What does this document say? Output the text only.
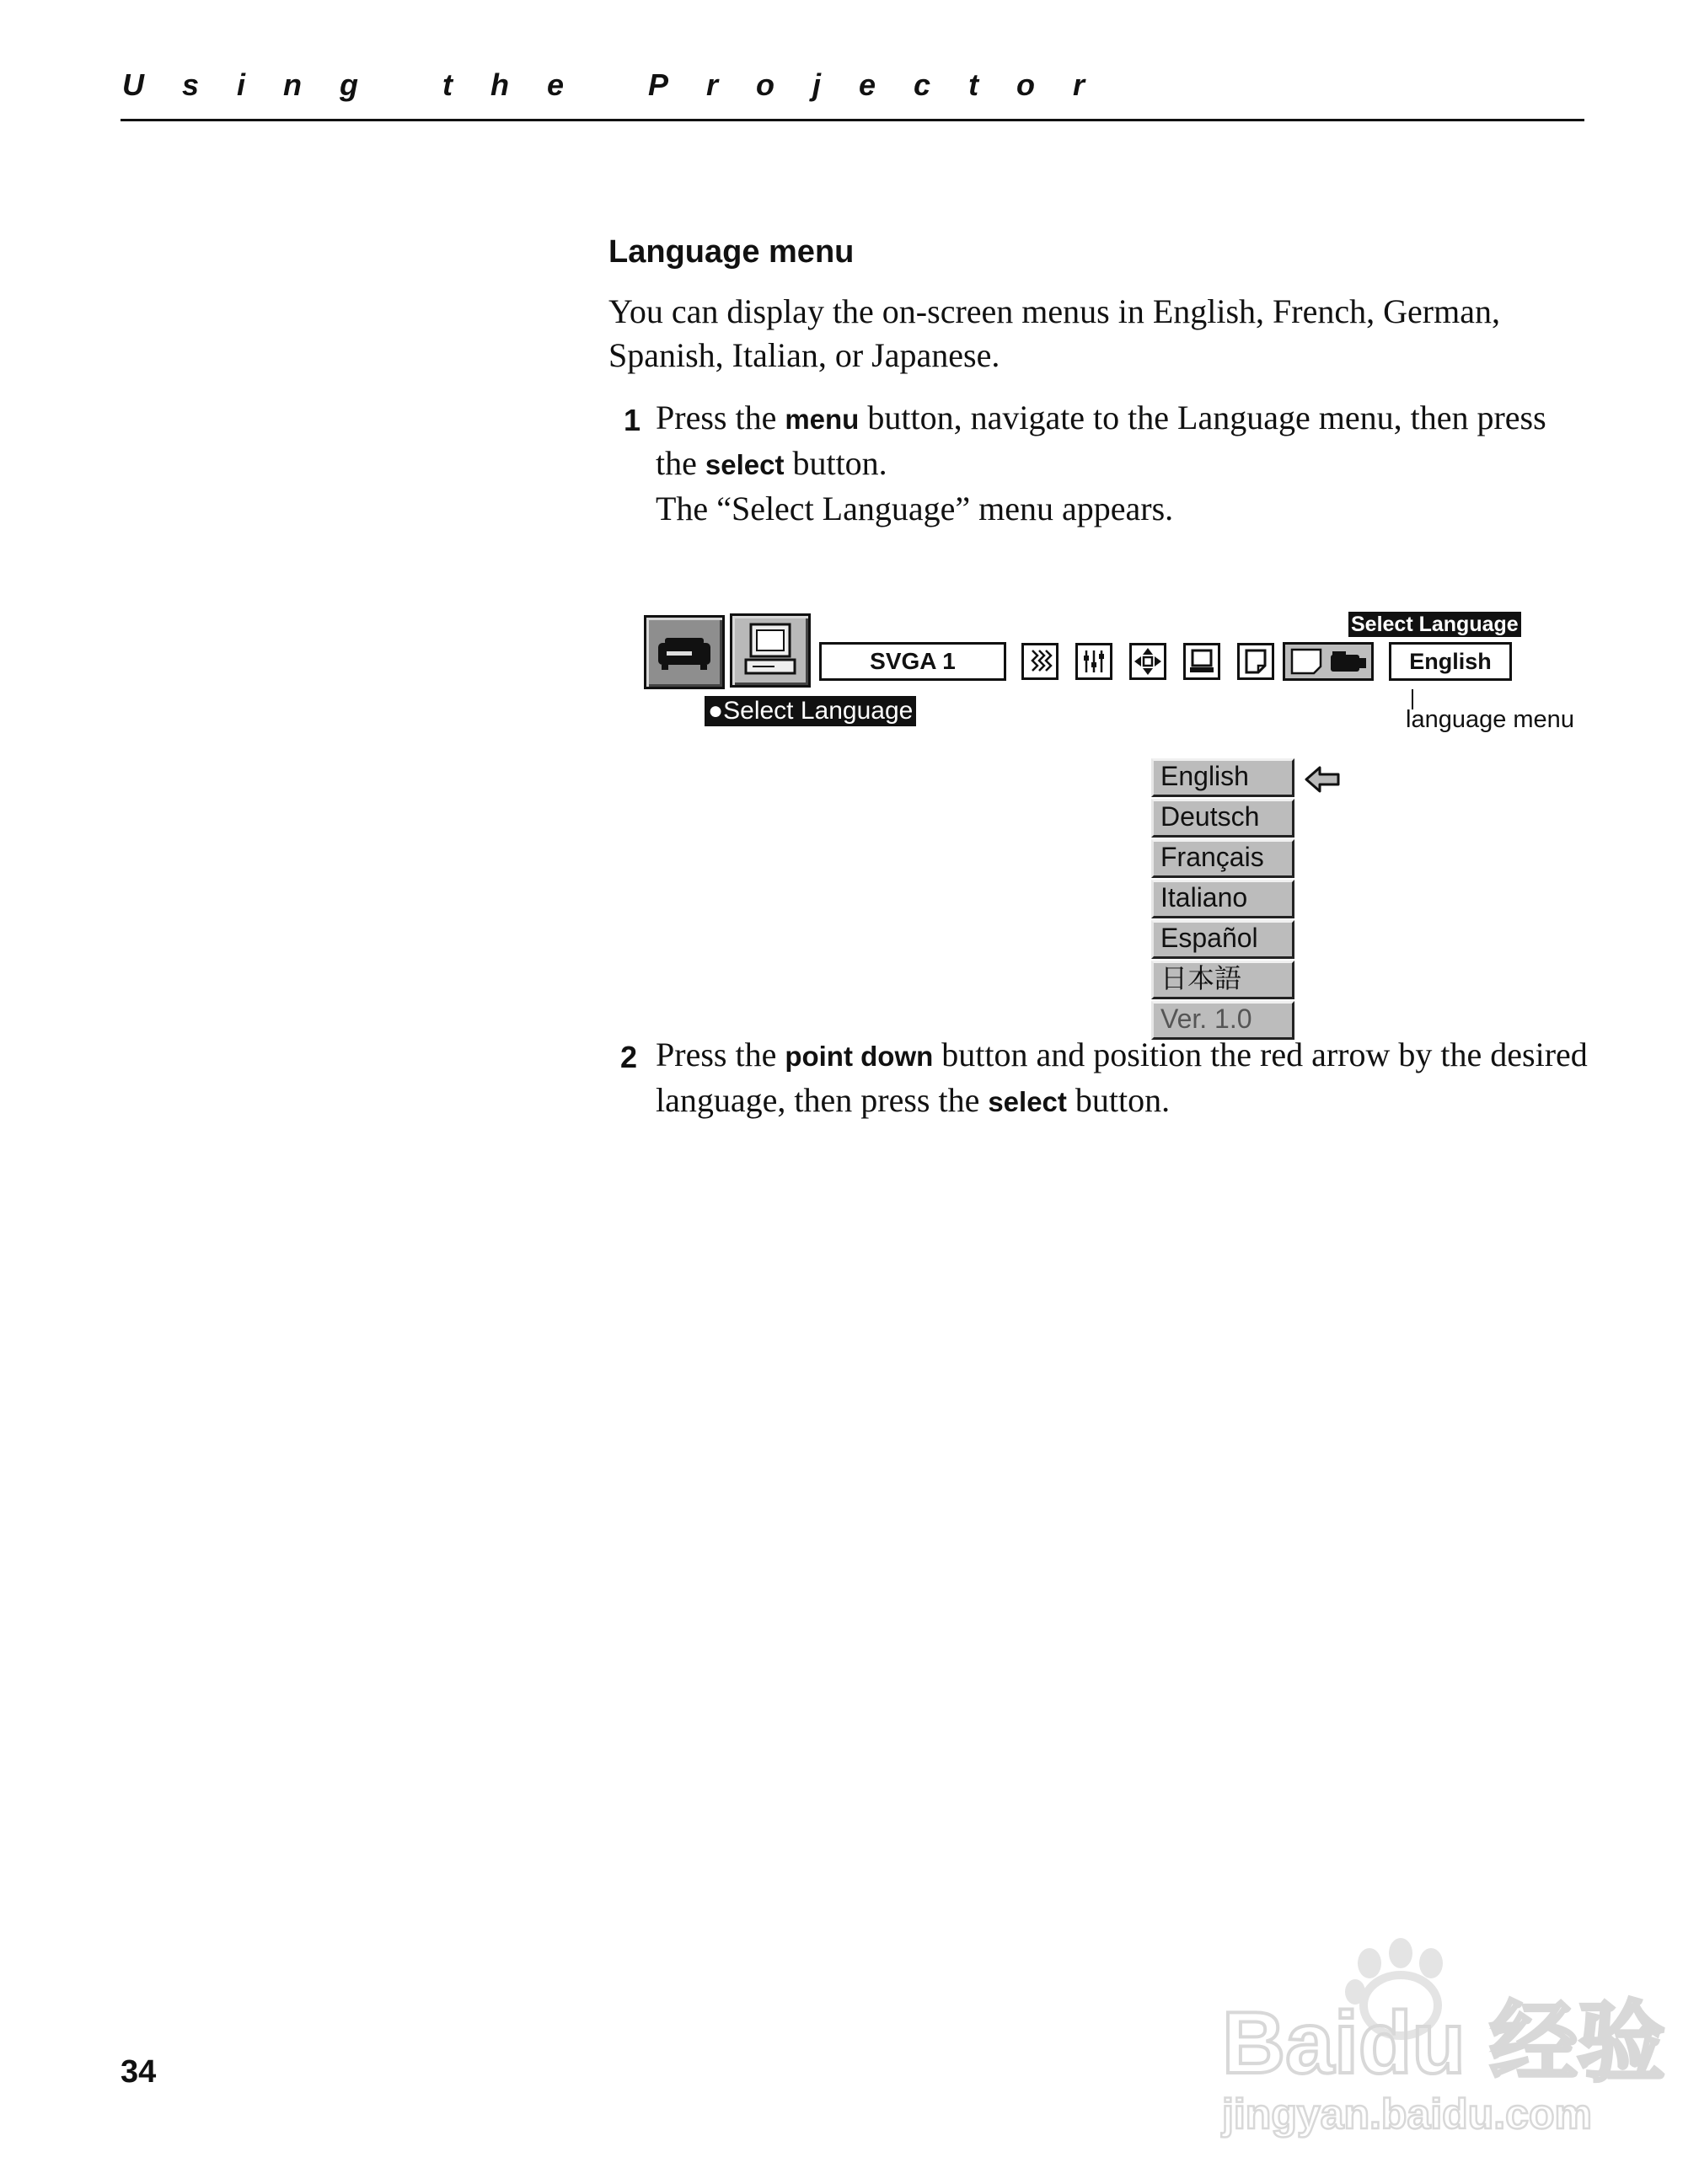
Using the Projector
Language menu
You can display the on-screen menus in English, French, German, Spanish, Italian, or Japanese.
1 Press the menu button, navigate to the Language menu, then press the select button.
The “Select Language” menu appears.
SVGA 1
Select Language
English
●Select Language	language menu
English
Deutsch
Français
Italiano
Español
日本語
Ver. 1.0
2 Press the point down button and position the red arrow by the desired language, then press the select button.
34	Baidu 经验
jingyan.baidu.com
